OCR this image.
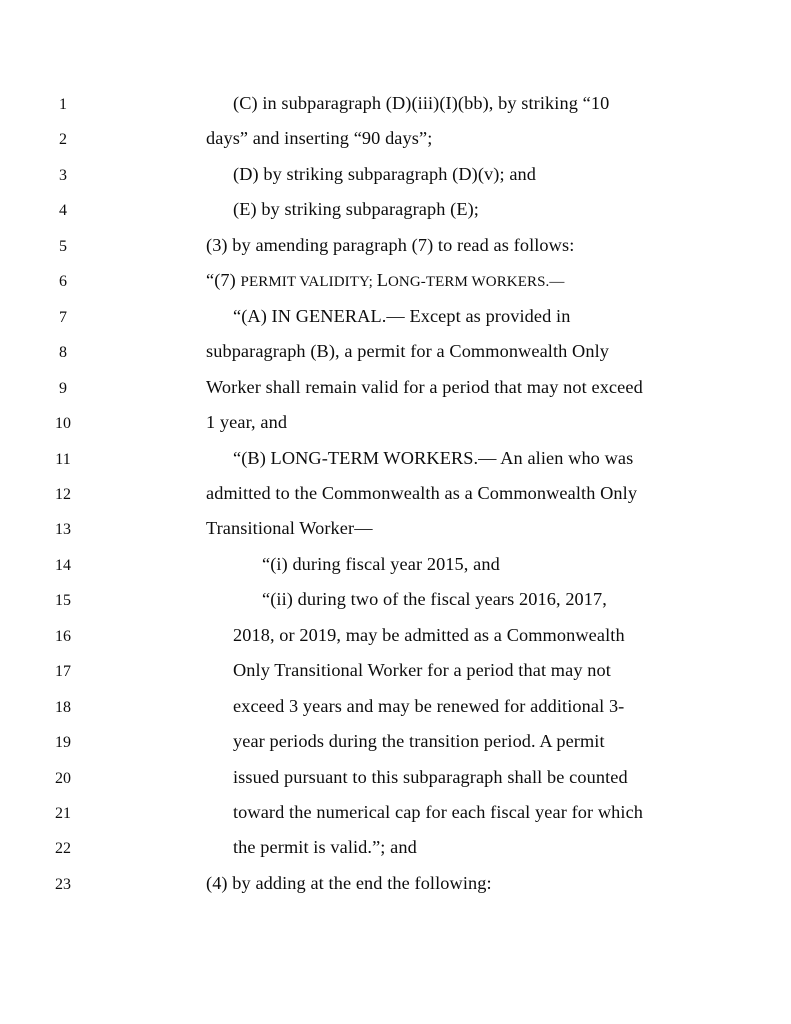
1	(C) in subparagraph (D)(iii)(I)(bb), by striking “10
2	days” and inserting “90 days”;
3	(D) by striking subparagraph (D)(v); and
4	(E) by striking subparagraph (E);
5	(3) by amending paragraph (7) to read as follows:
6	“(7) PERMIT VALIDITY; LONG-TERM WORKERS.—
7	“(A) IN GENERAL.— Except as provided in
8	subparagraph (B), a permit for a Commonwealth Only
9	Worker shall remain valid for a period that may not exceed
10	1 year, and
11	“(B) LONG-TERM WORKERS.— An alien who was
12	admitted to the Commonwealth as a Commonwealth Only
13	Transitional Worker—
14	“(i) during fiscal year 2015, and
15	“(ii) during two of the fiscal years 2016, 2017,
16	2018, or 2019, may be admitted as a Commonwealth
17	Only Transitional Worker for a period that may not
18	exceed 3 years and may be renewed for additional 3-
19	year periods during the transition period. A permit
20	issued pursuant to this subparagraph shall be counted
21	toward the numerical cap for each fiscal year for which
22	the permit is valid.”; and
23	(4) by adding at the end the following:
